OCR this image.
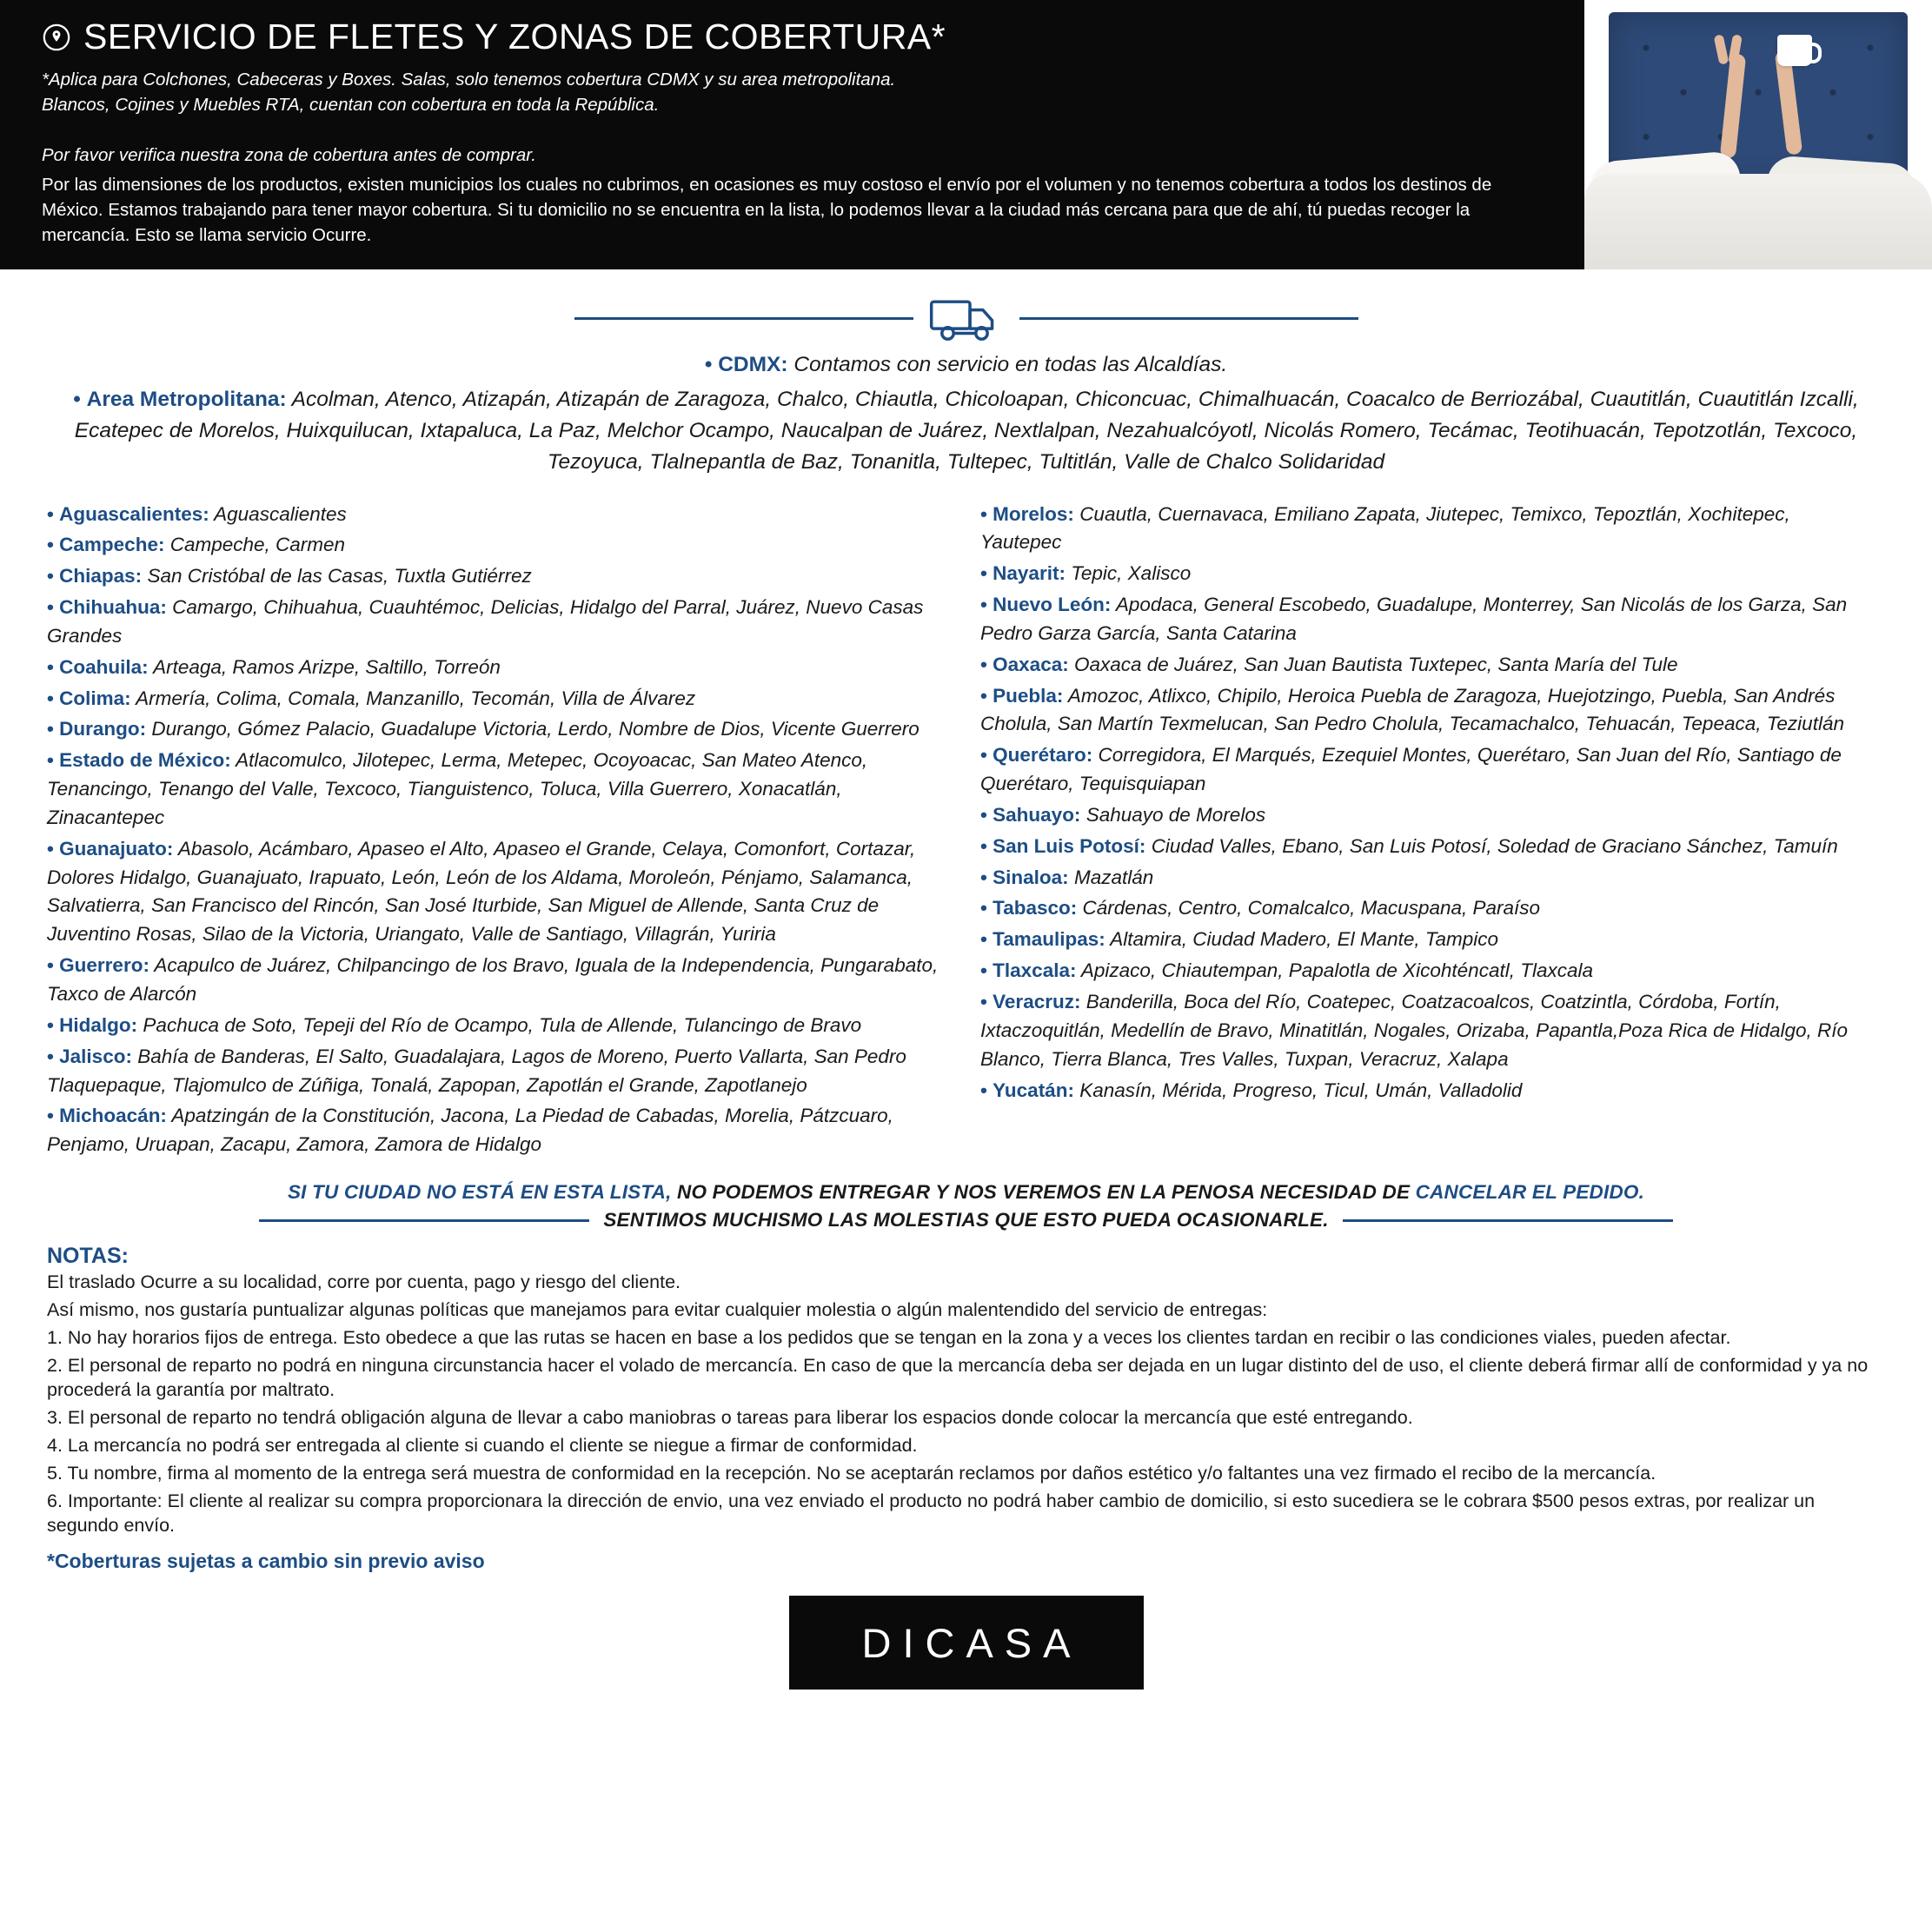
SERVICIO DE FLETES Y ZONAS DE COBERTURA*
*Aplica para Colchones, Cabeceras y Boxes. Salas, solo tenemos cobertura CDMX y su area metropolitana.
Blancos, Cojines y Muebles RTA, cuentan con cobertura en toda la República.
Por favor verifica nuestra zona de cobertura antes de comprar.
Por las dimensiones de los productos, existen municipios los cuales no cubrimos, en ocasiones es muy costoso el envío por el volumen y no tenemos cobertura a todos los destinos de México. Estamos trabajando para tener mayor cobertura. Si tu domicilio no se encuentra en la lista, lo podemos llevar a la ciudad más cercana para que de ahí, tú puedas recoger la mercancía. Esto se llama servicio Ocurre.
• CDMX: Contamos con servicio en todas las Alcaldías.
• Area Metropolitana: Acolman, Atenco, Atizapán, Atizapán de Zaragoza, Chalco, Chiautla, Chicoloapan, Chiconcuac, Chimalhuacán, Coacalco de Berriozábal, Cuautitlán, Cuautitlán Izcalli, Ecatepec de Morelos, Huixquilucan, Ixtapaluca, La Paz, Melchor Ocampo, Naucalpan de Juárez, Nextlalpan, Nezahualcóyotl, Nicolás Romero, Tecámac, Teotihuacán, Tepotzotlán, Texcoco, Tezoyuca, Tlalnepantla de Baz, Tonanitla, Tultepec, Tultitlán, Valle de Chalco Solidaridad
• Aguascalientes: Aguascalientes
• Campeche: Campeche, Carmen
• Chiapas: San Cristóbal de las Casas, Tuxtla Gutiérrez
• Chihuahua: Camargo, Chihuahua, Cuauhtémoc, Delicias, Hidalgo del Parral, Juárez, Nuevo Casas Grandes
• Coahuila: Arteaga, Ramos Arizpe, Saltillo, Torreón
• Colima: Armería, Colima, Comala, Manzanillo, Tecomán, Villa de Álvarez
• Durango: Durango, Gómez Palacio, Guadalupe Victoria, Lerdo, Nombre de Dios, Vicente Guerrero
• Estado de México: Atlacomulco, Jilotepec, Lerma, Metepec, Ocoyoacac, San Mateo Atenco, Tenancingo, Tenango del Valle, Texcoco, Tianguistenco, Toluca, Villa Guerrero, Xonacatlán, Zinacantepec
• Guanajuato: Abasolo, Acámbaro, Apaseo el Alto, Apaseo el Grande, Celaya, Comonfort, Cortazar, Dolores Hidalgo, Guanajuato, Irapuato, León, León de los Aldama, Moroleón, Pénjamo, Salamanca, Salvatierra, San Francisco del Rincón, San José Iturbide, San Miguel de Allende, Santa Cruz de Juventino Rosas, Silao de la Victoria, Uriangato, Valle de Santiago, Villagrán, Yuriria
• Guerrero: Acapulco de Juárez, Chilpancingo de los Bravo, Iguala de la Independencia, Pungarabato, Taxco de Alarcón
• Hidalgo: Pachuca de Soto, Tepeji del Río de Ocampo, Tula de Allende, Tulancingo de Bravo
• Jalisco: Bahía de Banderas, El Salto, Guadalajara, Lagos de Moreno, Puerto Vallarta, San Pedro Tlaquepaque, Tlajomulco de Zúñiga, Tonalá, Zapopan, Zapotlán el Grande, Zapotlanejo
• Michoacán: Apatzingán de la Constitución, Jacona, La Piedad de Cabadas, Morelia, Pátzcuaro, Penjamo, Uruapan, Zacapu, Zamora, Zamora de Hidalgo
• Morelos: Cuautla, Cuernavaca, Emiliano Zapata, Jiutepec, Temixco, Tepoztlán, Xochitepec, Yautepec
• Nayarit: Tepic, Xalisco
• Nuevo León: Apodaca, General Escobedo, Guadalupe, Monterrey, San Nicolás de los Garza, San Pedro Garza García, Santa Catarina
• Oaxaca: Oaxaca de Juárez, San Juan Bautista Tuxtepec, Santa María del Tule
• Puebla: Amozoc, Atlixco, Chipilo, Heroica Puebla de Zaragoza, Huejotzingo, Puebla, San Andrés Cholula, San Martín Texmelucan, San Pedro Cholula, Tecamachalco, Tehuacán, Tepeaca, Teziutlán
• Querétaro: Corregidora, El Marqués, Ezequiel Montes, Querétaro, San Juan del Río, Santiago de Querétaro, Tequisquiapan
• Sahuayo: Sahuayo de Morelos
• San Luis Potosí: Ciudad Valles, Ebano, San Luis Potosí, Soledad de Graciano Sánchez, Tamuín
• Sinaloa: Mazatlán
• Tabasco: Cárdenas, Centro, Comalcalco, Macuspana, Paraíso
• Tamaulipas: Altamira, Ciudad Madero, El Mante, Tampico
• Tlaxcala: Apizaco, Chiautempan, Papalotla de Xicohténcatl, Tlaxcala
• Veracruz: Banderilla, Boca del Río, Coatepec, Coatzacoalcos, Coatzintla, Córdoba, Fortín, Ixtaczoquitlán, Medellín de Bravo, Minatitlán, Nogales, Orizaba, Papantla,Poza Rica de Hidalgo, Río Blanco, Tierra Blanca, Tres Valles, Tuxpan, Veracruz, Xalapa
• Yucatán: Kanasín, Mérida, Progreso, Ticul, Umán, Valladolid
SI TU CIUDAD NO ESTÁ EN ESTA LISTA, NO PODEMOS ENTREGAR Y NOS VEREMOS EN LA PENOSA NECESIDAD DE CANCELAR EL PEDIDO.
SENTIMOS MUCHISMO LAS MOLESTIAS QUE ESTO PUEDA OCASIONARLE.
NOTAS:

El traslado Ocurre a su localidad, corre por cuenta, pago y riesgo del cliente.

Así mismo, nos gustaría puntualizar algunas políticas que manejamos para evitar cualquier molestia o algún malentendido del servicio de entregas:

1. No hay horarios fijos de entrega. Esto obedece a que las rutas se hacen en base a los pedidos que se tengan en la zona y a veces los clientes tardan en recibir o las condiciones viales, pueden afectar.

2. El personal de reparto no podrá en ninguna circunstancia hacer el volado de mercancía. En caso de que la mercancía deba ser dejada en un lugar distinto del de uso, el cliente deberá firmar allí de conformidad y ya no procederá la garantía por maltrato.

3. El personal de reparto no tendrá obligación alguna de llevar a cabo maniobras o tareas para liberar los espacios donde colocar la mercancía que esté entregando.

4. La mercancía no podrá ser entregada al cliente si cuando el cliente se niegue a firmar de conformidad.

5. Tu nombre, firma al momento de la entrega será muestra de conformidad en la recepción. No se aceptarán reclamos por daños estético y/o faltantes una vez firmado el recibo de la mercancía.

6. Importante: El cliente al realizar su compra proporcionara la dirección de envio, una vez enviado el producto no podrá haber cambio de domicilio, si esto sucediera se le cobrara $500 pesos extras, por realizar un segundo envío.

*Coberturas sujetas a cambio sin previo aviso
DICASA
